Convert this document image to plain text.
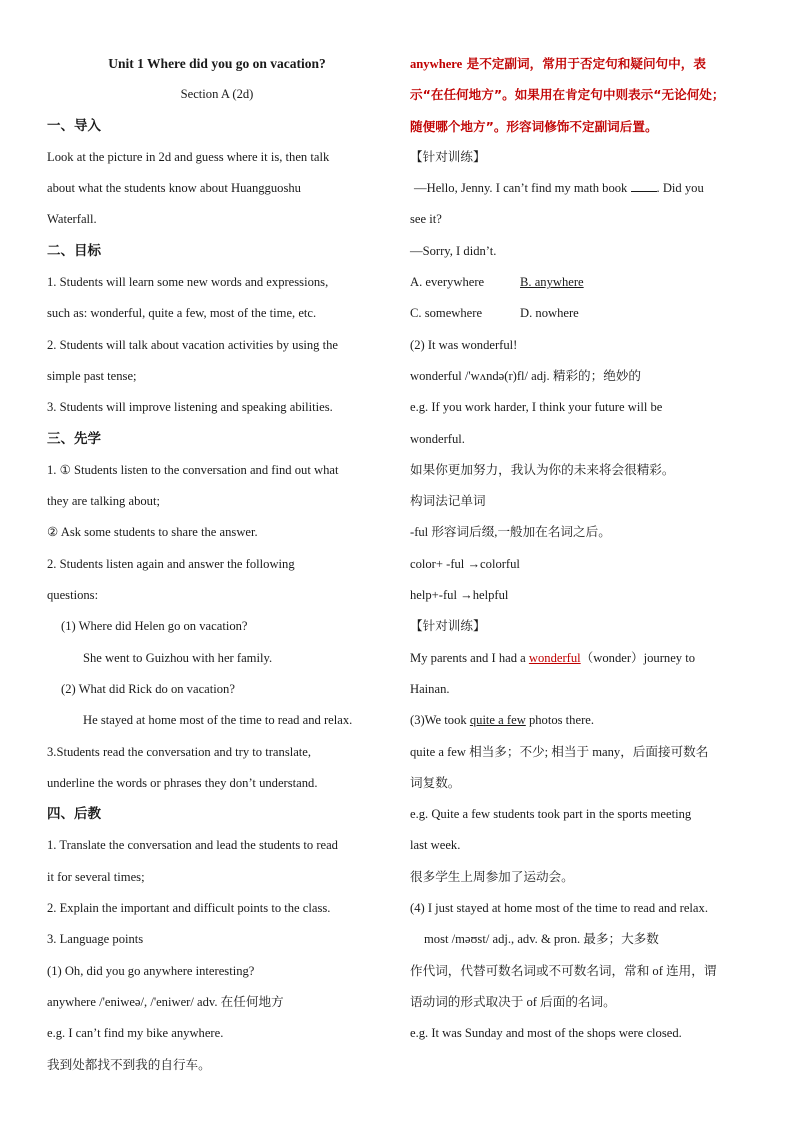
Unit 1 Where did you go on vacation?
Section A (2d)
一、导入
Look at the picture in 2d and guess where it is, then talk
about what the students know about Huangguoshu
Waterfall.
二、目标
1. Students will learn some new words and expressions,
such as: wonderful, quite a few, most of the time, etc.
2. Students will talk about vacation activities by using the
simple past tense;
3. Students will improve listening and speaking abilities.
三、先学
1. ① Students listen to the conversation and find out what
they are talking about;
② Ask some students to share the answer.
2. Students listen again and answer the following
questions:
(1) Where did Helen go on vacation?
She went to Guizhou with her family.
(2) What did Rick do on vacation?
He stayed at home most of the time to read and relax.
3.Students read the conversation and try to translate,
underline the words or phrases they don’t understand.
四、后教
1. Translate the conversation and lead the students to read
it for several times;
2. Explain the important and difficult points to the class.
3. Language points
(1) Oh, did you go anywhere interesting?
anywhere /'eniweə/, /'eniwer/ adv. 在任何地方
e.g. I can’t find my bike anywhere.
我到处都找不到我的自行车。
anywhere 是不定副词，常用于否定句和疑问句中，表
示“在任何地方”。如果用在肯定句中则表示“无论何处；
随便哪个地方”。形容词修饰不定副词后置。
【针对训练】
—Hello, Jenny. I can’t find my math book . Did you
see it?
—Sorry, I didn’t.
A. everywhere	B. anywhere
C. somewhere	D. nowhere
(2) It was wonderful!
wonderful /'wʌndə(r)fl/ adj. 精彩的；绝妙的
e.g. If you work harder, I think your future will be
wonderful.
如果你更加努力，我认为你的未来将会很精彩。
构词法记单词
-ful 形容词后缀,一般加在名词之后。
color+ -ful →colorful
help+-ful →helpful
【针对训练】
My parents and I had a wonderful（wonder）journey to
Hainan.
(3)We took quite a few photos there.
quite a few 相当多；不少; 相当于 many，后面接可数名
词复数。
e.g. Quite a few students took part in the sports meeting
last week.
很多学生上周参加了运动会。
(4) I just stayed at home most of the time to read and relax.
most /məʊst/ adj., adv. & pron. 最多；大多数
作代词，代替可数名词或不可数名词，常和 of 连用，谓
语动词的形式取决于 of 后面的名词。
e.g. It was Sunday and most of the shops were closed.
